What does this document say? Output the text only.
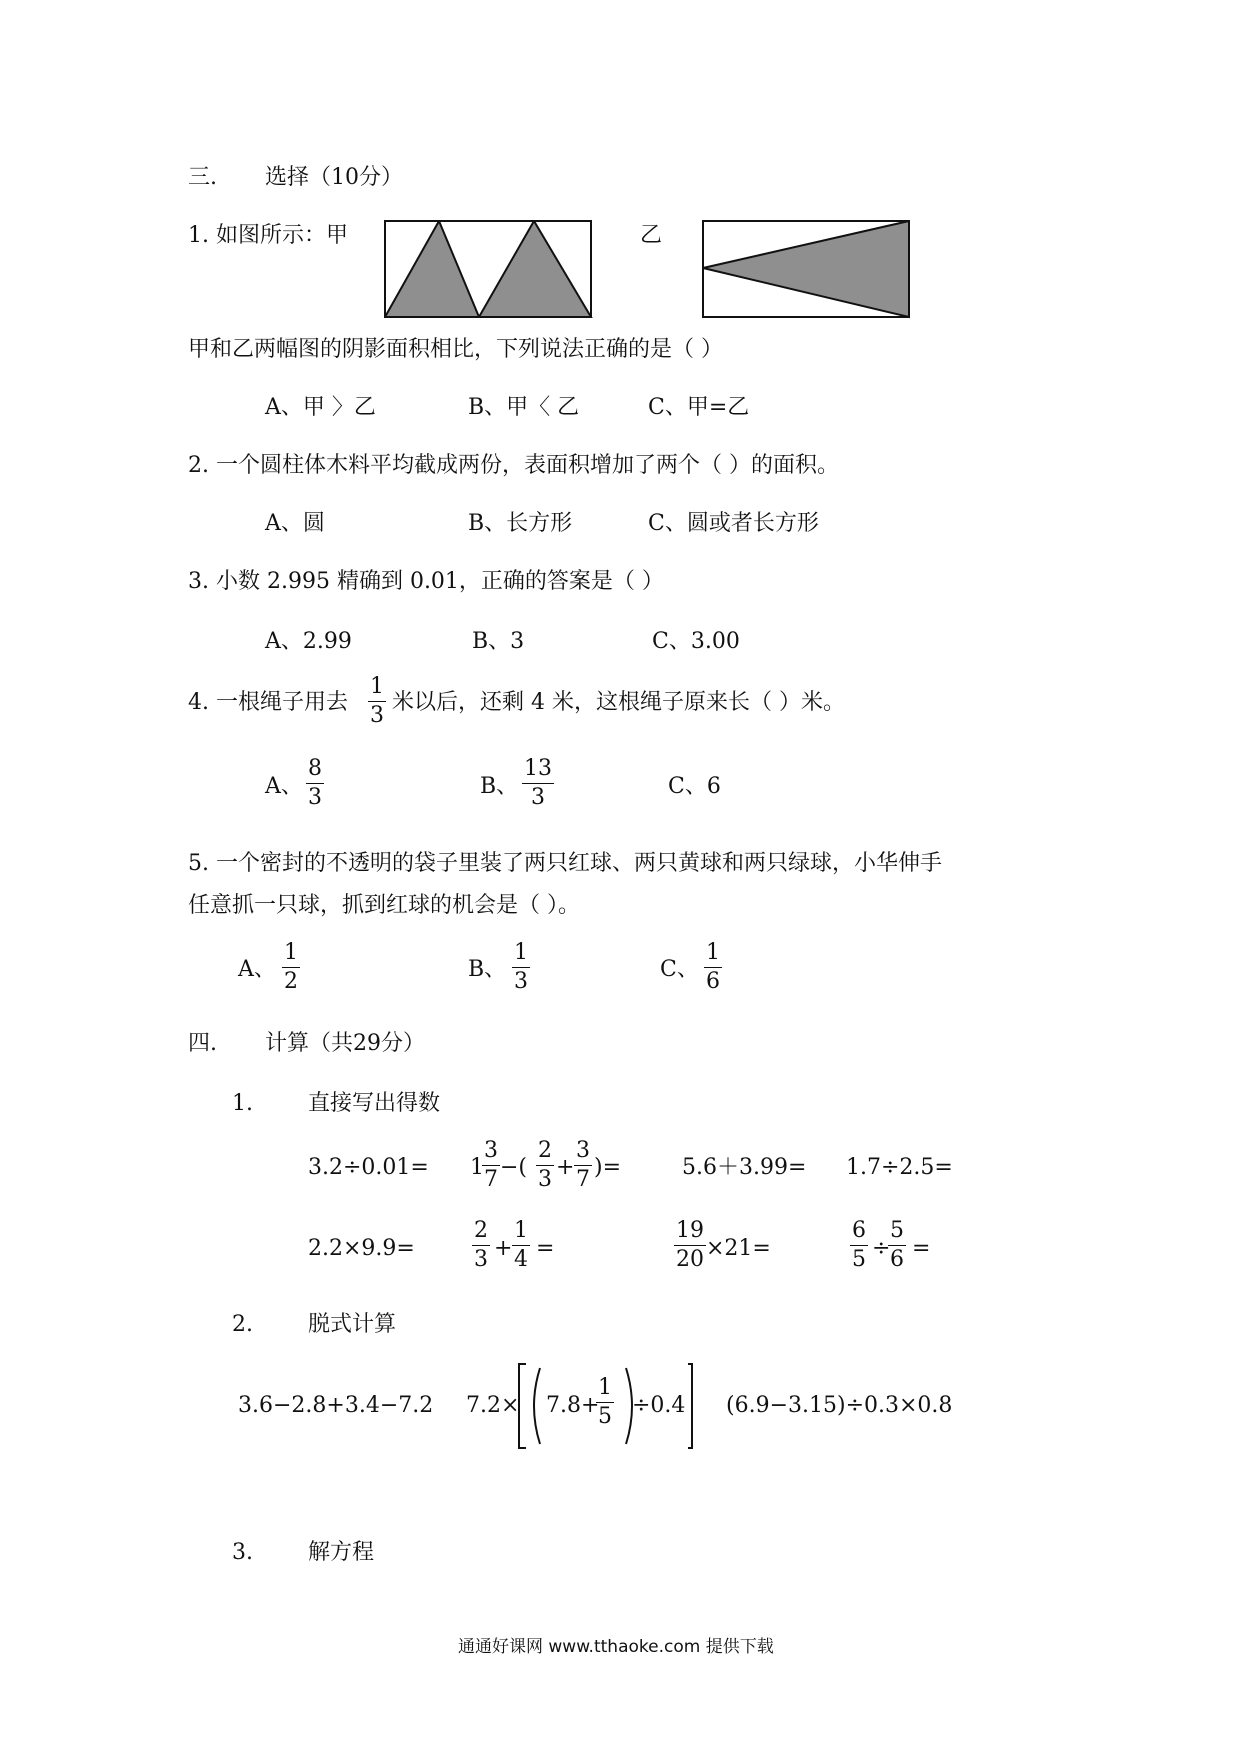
三. 选择（10分）
1. 如图所示：甲	乙
甲和乙两幅图的阴影面积相比，下列说法正确的是（ ）
A、甲 〉乙	B、甲〈 乙	C、甲=乙
2. 一个圆柱体木料平均截成两份，表面积增加了两个（ ）的面积。
A、圆	B、长方形	C、圆或者长方形
3. 小数 2.995 精确到 0.01，正确的答案是（ ）
A、2.99	B、3	C、3.00
4. 一根绳子用去
1
3
米以后，还剩 4 米，这根绳子原来长（ ）米。
A、
8
3	B、
13
3	C、6
5. 一个密封的不透明的袋子里装了两只红球、两只黄球和两只绿球，小华伸手
任意抓一只球，抓到红球的机会是（ ）。
A、
1
2	B、
1
3	C、
1
6
四. 计算（共29分）
1.	直接写出得数
3.2÷0.01= 1
3
7 −(
2
3 +
3
7 )=	5.6＋3.99= 1.7÷2.5=
2.2×9.9=
2
3 +
1
4 =
19
20 ×21=
6
5 ÷
5
6 =
2.	脱式计算
3.6−2.8+3.4−7.2 7.2× 7.8+
1
5 ÷0.4 (6.9−3.15)÷0.3×0.8
3.	解方程
通通好课网 www.tthaoke.com 提供下载
